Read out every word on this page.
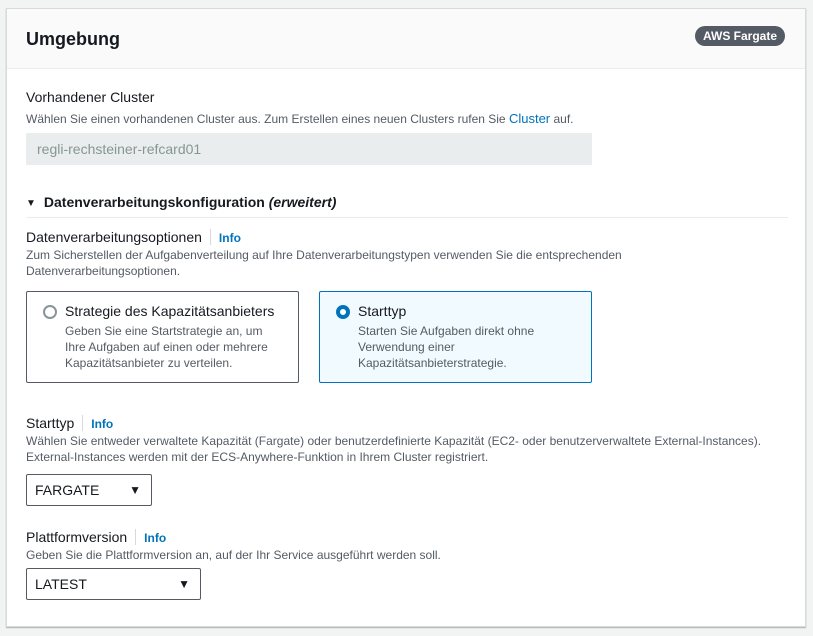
Umgebung	AWS Fargate
Vorhandener Cluster
Wählen Sie einen vorhandenen Cluster aus. Zum Erstellen eines neuen Clusters rufen Sie Cluster auf.
regli-rechsteiner-refcard01
▼ Datenverarbeitungskonfiguration (erweitert)
Datenverarbeitungsoptionen Info
Zum Sicherstellen der Aufgabenverteilung auf Ihre Datenverarbeitungstypen verwenden Sie die entsprechenden Datenverarbeitungsoptionen.
Strategie des Kapazitätsanbieters
Geben Sie eine Startstrategie an, um Ihre Aufgaben auf einen oder mehrere Kapazitätsanbieter zu verteilen.
Starttyp
Starten Sie Aufgaben direkt ohne Verwendung einer Kapazitätsanbieterstrategie.
Starttyp Info
Wählen Sie entweder verwaltete Kapazität (Fargate) oder benutzerdefinierte Kapazität (EC2- oder benutzerverwaltete External-Instances). External-Instances werden mit der ECS-Anywhere-Funktion in Ihrem Cluster registriert.
FARGATE ▼
Plattformversion Info
Geben Sie die Plattformversion an, auf der Ihr Service ausgeführt werden soll.
LATEST	▼
